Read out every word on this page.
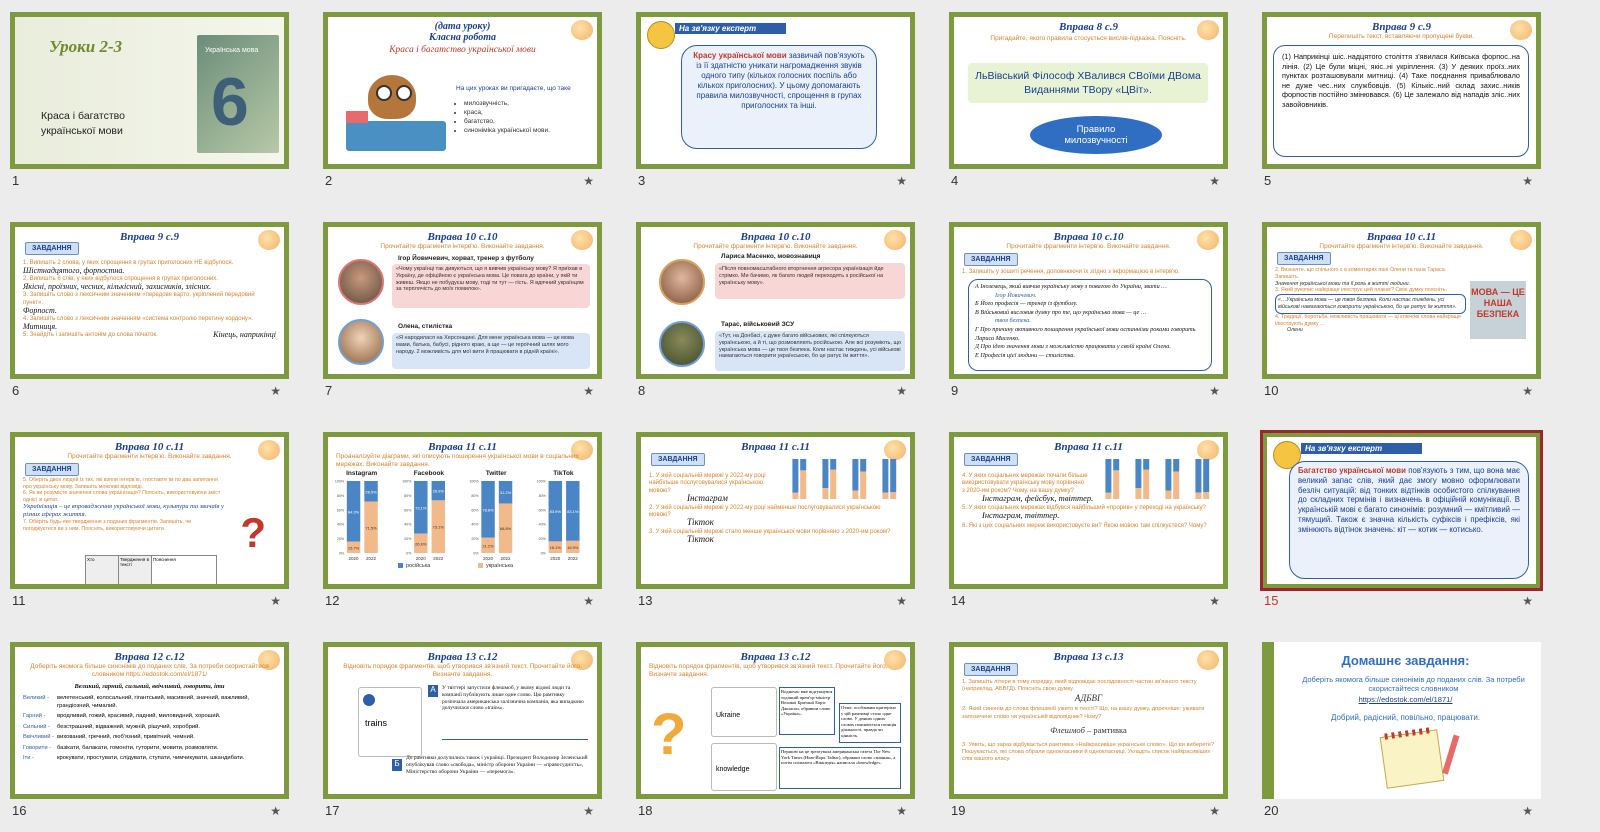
Уроки 2-3
Краса і багатство
української мови
Українська мова
6
1
(дата уроку)
Класна робота
Краса і багатство української мови
На цих уроках ви пригадаєте, що таке
• милозвучність,
• краса,
• багатство,
• синоніміка української мови.
2	★
На зв'язку експерт
Красу української мови зазвичай пов'язують із її здатністю уникати нагромадження звуків одного типу (кількох голосних поспіль або кількох приголосних). У цьому допомагають правила милозвучності, спрощення в групах приголосних та інші.
3	★
Вправа 8 с.9
Пригадайте, якого правила стосується вислів-підказка. Поясніть.
ЛьВівський Філософ ХВалився СВоїми ДВома Виданнями ТВору «ЦВіт».
Правило милозвучності
4	★
Вправа 9 с.9
Перепишіть текст, вставляючи пропущені букви.
(1) Наприкінці шіс..надцятого століття з'явилася Київська форпос..на лінія. (2) Це були міцні, якіс..ні укріплення. (3) У деяких проїз..них пунктах розташовували митниці. (4) Таке поєднання приваблювало не дуже чес..них службовців. (5) Кількіс..ний склад захис..ників форпостів постійно змінювався. (6) Це залежало від нападів зліс..них завойовників.
5	★
Вправа 9 с.9
ЗАВДАННЯ
1. Випишіть 2 слова, у яких спрощення в групах приголосних НЕ відбулося.
Шістнадцятого, форпостна.
2. Випишіть 6 слів, у яких відбулося спрощення в групах приголосних.
Якісні, проїзних, чесних, кількісний, захисників, злісних.
3. Запишіть слово з лексичним значенням «передове варто, укріплений передовий пункт».
Форпост.
4. Запишіть слово з лексичним значенням «система контролю перетину кордону».
Митниця.
5. Знайдіть і запишіть антонім до слова початок.	Кінець, наприкінці
6	★
Вправа 10 с.10
Прочитайте фрагменти інтерв'ю. Виконайте завдання.
Ігор Йовичевич, хорват, тренер з футболу
«Чому українці так дивуються, що я вивчив українську мову? Я приїхав в Україну, де офіційною є українська мова. Це повага до країни, у якій ти живеш. Якщо не побудуєш мову, тоді ти тут — гість. Я вдячний українцям за терплячість до моїх помилок».
Олена, стилістка
«Я народилася на Херсонщині. Для мене українська мова — це мова мами, батька, бабусі, рідного краю, а ще — це героїчний шлях мого народу. 2 можливість для мої вити й працювати в рідній країні».
7	★
Вправа 10 с.10
Прочитайте фрагменти інтерв'ю. Виконайте завдання.
Лариса Масенко, мовознавиця
«Після повномасштабного вторгнення агресора українізація йде стрімко. Ми бачимо, як багато людей переходять з російської на українську мову».
Тарас, військовий ЗСУ
«Тут, на Донбасі, є дуже багато військових, які спілкуються українською, а й ті, що розмовляють російською. Але всі розуміють, що українська мова — це твоя безпека. Коли настає тиждень, усі військові намагаються говорити українською, бо це ратує їм життя».
8	★
Вправа 10 с.10
Прочитайте фрагменти інтерв'ю. Виконайте завдання.
ЗАВДАННЯ
1. Запишіть у зошиті речення, доповнюючи їх згідно з інформацією в інтерв'ю.
А Іноземець, який вивчив українську мову з повагою до України, звати …
Ігор Йовичевич.
Б Його професія — тренер із футболу.
В Військовий висловив думку про те, що українська мова — це …
твоя безпека.
Г Про причину активного поширення української мови останніми роками говорить Лариса Масенко.
Д Про ідею значення мови з можливістю працювати у своїй країні Олена.
Е Професія цієї людини — стилістка.
9	★
Вправа 10 с.11
Прочитайте фрагменти інтерв'ю. Виконайте завдання.
ЗАВДАННЯ
2. Визначте, що спільного є в коментарях пані Олени та пана Тараса. Запишіть.
Значення української мови та її роль в житті людини.
3. Який рукопис найкраще ілюструє цей плакат? Своє думку поясніть.
«…Українська мова — це твоя безпека. Коли настає тиждень, усі військові намагаються говорити українською, бо це ратує їм життя».
4. Традиції, боротьба, можливість працювати — ці ключові слова найкраще ілюструють думку …
Олени
МОВА — ЦЕ НАША БЕЗПЕКА
10	★
Вправа 10 с.11
Прочитайте фрагменти інтерв'ю. Виконайте завдання.
ЗАВДАННЯ
5. Оберіть двох людей із тих, які взяли інтерв'ю, і поставте їм по два запитання про українську мову. Запишіть можливі відповіді.
6. Як ви розумієте значення слова українізація? Поясніть, використовуючи зміст однієї зі цитат.
Українізація – це впровадження української мови, культури та звичаїв у різних сферах життя.
7. Оберіть будь-яке твердження з поданих фрагментів. Запишіть, чи погоджуєтеся ви з ним. Поясніть, використовуючи цитати.
Хто	Твердження в тексті
Пояснення
?
11	★
Вправа 11 с.11
Проаналізуйте діаграми, які описують поширення української мови в соціальних мережах. Виконайте завдання.
Instagram
84.3%
15.7%
2020
28.5%
71.5%
2022
0%
20%
40%
60%
80%
100%
Facebook
73.1%
26.9%
2020
26.9%
73.1%
2022
0%
20%
40%
60%
80%
100%
Twitter
78.8%
21.2%
2020
31.2%
68.8%
2022
0%
20%
40%
60%
80%
100%
TikTok
83.9%
16.1%
2020
83.1%
16.9%
2022
0%
20%
40%
60%
80%
100%
російська	українська
12	★
Вправа 11 с.11
ЗАВДАННЯ
1. У якій соціальній мережі у 2022-му році найбільше послуговувалися українською мовою?
Інстаграм
2. У якій соціальній мережі у 2022-му році найменше послуговувалися українською мовою?
Тікток
3. У якій соціальній мережі стало менше української мови порівняно з 2020-им роком?
Тікток
13	★
Вправа 11 с.11
ЗАВДАННЯ
4. У яких соціальних мережах почали більше використовувати українську мову порівняно з 2020-им роком? Чому, на вашу думку?
Інстаграм, фейсбук, твіттер.
5. У яких соціальних мережах відбувся найбільший «прорив» у переході на українську?
Інстаграм, твіттер.
6. Які з цих соціальних мереж використовуєте ви? Якою мовою там спілкуєтеся? Чому?
14	★
На зв'язку експерт
Багатство української мови пов'язують з тим, що вона має великий запас слів, який дає змогу мовно оформлювати безліч ситуацій: від тонких відтінків особистого спілкування до складних термінів і визначень в офіційній комунікації. В українській мові є багато синонімів: розумний — кмітливий — тямущий. Також є значна кількість суфіксів і префіксів, які змінюють відтінок значень: кіт — котик — котисько.
15	★
Вправа 12 с.12
Доберіть якомога більше синонімів до поданих слів. За потреби скористайтеся словником https://edostok.com/el/1871/
Великий, гарний, сильний, ввічливий, говорити, іти
Великий -	велетенський, колосальний, гігантський, масивний, значний, важливий, грандіозний, чималий.
Гарний -	вродливий, гожий, красивий, ладний, миловидний, хороший.
Сильний -	безстрашний, відважний, мужній, рішучий, хоробрий.
Ввічливий - вихований, гречний, люб'язний, привітний, чемний.
Говорити -	базікати, балакати, гомоніти, гуторити, мовити, розмовляти.
Іти -	крокувати, простувати, слідувати, ступати, чимчикувати, шкандибати.
16	★
Вправа 13 с.12
Відновіть порядок фрагментів, щоб утворився зв'язний текст. Прочитайте його. Визначте завдання.
trains
А	У твіттері запустили флешмоб, у якому відомі люди та компанії публікують лише одне слово. Цю рамтивку розпочала американська залізнична компанія, яка випадково долучилася слово «trains».
Б
До рамтивки долучились також і українці. Президент Володимир Зеленський опублікував слово «свобода», міністр оборони України — «правосудність», Міністерство оборони України — «перемога».
17	★
Вправа 13 с.12
Відновіть порядок фрагментів, щоб утворився зв'язний текст. Прочитайте його. Визначте завдання.
?	Ukraine
knowledge
Водночас вже відгукнувся тодішній прем'єр-міністр Великої Британії Боріс Джонсон, обравши слово «Україна».
Отже, особливим критерієм у цій рамтивці стало одне слово. У деяких одних словах пояснюється позиція діяльності, правда чи цінність.
Першою на це зреагувала американська газета The New York Times (Нью-Йорк Таймс), обравши слово «знання», а потім спільнота «Вікіпедія» написала «knowledge».
18	★
Вправа 13 с.13
ЗАВДАННЯ
1. Запишіть літери в тому порядку, який відповідає послідовності частин зв'язного тексту (наприклад, АБВГД). Поясніть свою думку.
АДБВГ
2. Який синонім до слова флешмоб ужито в тексті? Що, на вашу думку, доречніше: уживати запозичене слово чи українській відповідник? Чому?
Флешмоб – рамтивка
3. Уявіть, що зараз відбувається рамтивка «Найкрасивіше українське слово». Що ви виберете? Пошукається, які слова обрали однокласники й однокласниці. Укладіть список найкрасивіших слів вашого класу.
19	★
Домашнє завдання:
Доберіть якомога більше синонімів до поданих слів. За потреби скористайтеся словником
https://edostok.com/el/1871/
Добрий, радісний, повільно, працювати.
20	★
